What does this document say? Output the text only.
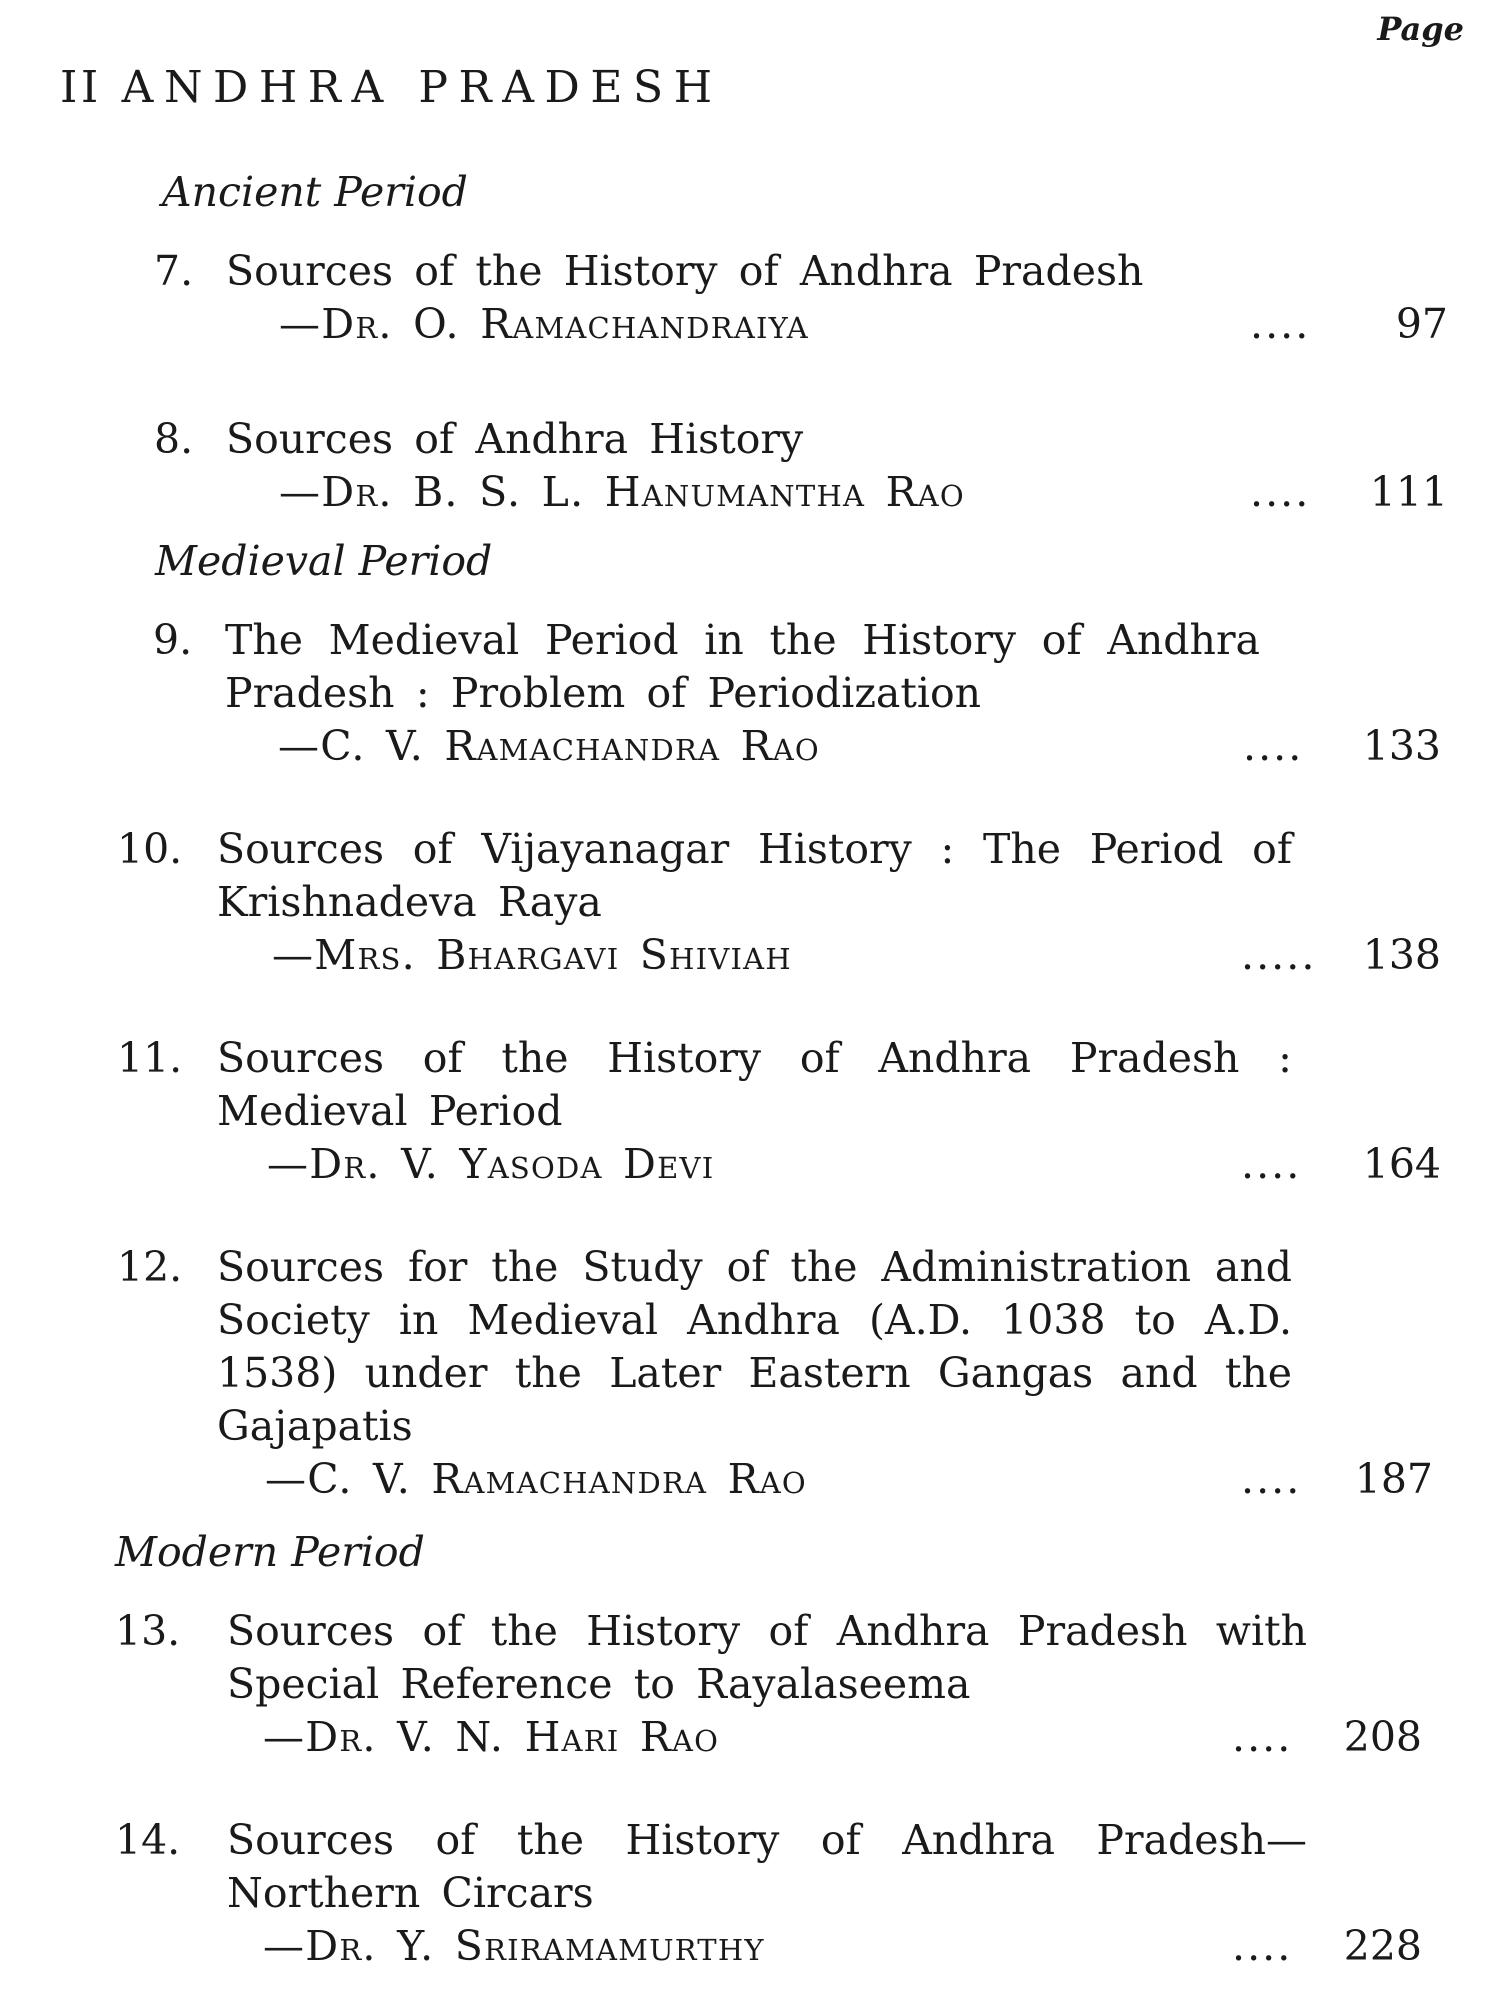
Page
II ANDHRA PRADESH
Ancient Period
7. Sources of the History of Andhra Pradesh
—Dr. O. Ramachandraiya	....	97
8. Sources of Andhra History
—Dr. B. S. L. Hanumantha Rao	....	111
Medieval Period
9. The Medieval Period in the History of Andhra Pradesh : Problem of Periodization
—C. V. Ramachandra Rao	....	133
10. Sources of Vijayanagar History : The Period of Krishnadeva Raya
—Mrs. Bhargavi Shiviah	.....	138
11. Sources of the History of Andhra Pradesh : Medieval Period
—Dr. V. Yasoda Devi	....	164
12. Sources for the Study of the Administration and Society in Medieval Andhra (A.D. 1038 to A.D. 1538) under the Later Eastern Gangas and the Gajapatis
—C. V. Ramachandra Rao	....	187
Modern Period
13.	Sources of the History of Andhra Pradesh with Special Reference to Rayalaseema
—Dr. V. N. Hari Rao	....	208
14.	Sources of the History of Andhra Pradesh— Northern Circars
—Dr. Y. Sriramamurthy	....	228
